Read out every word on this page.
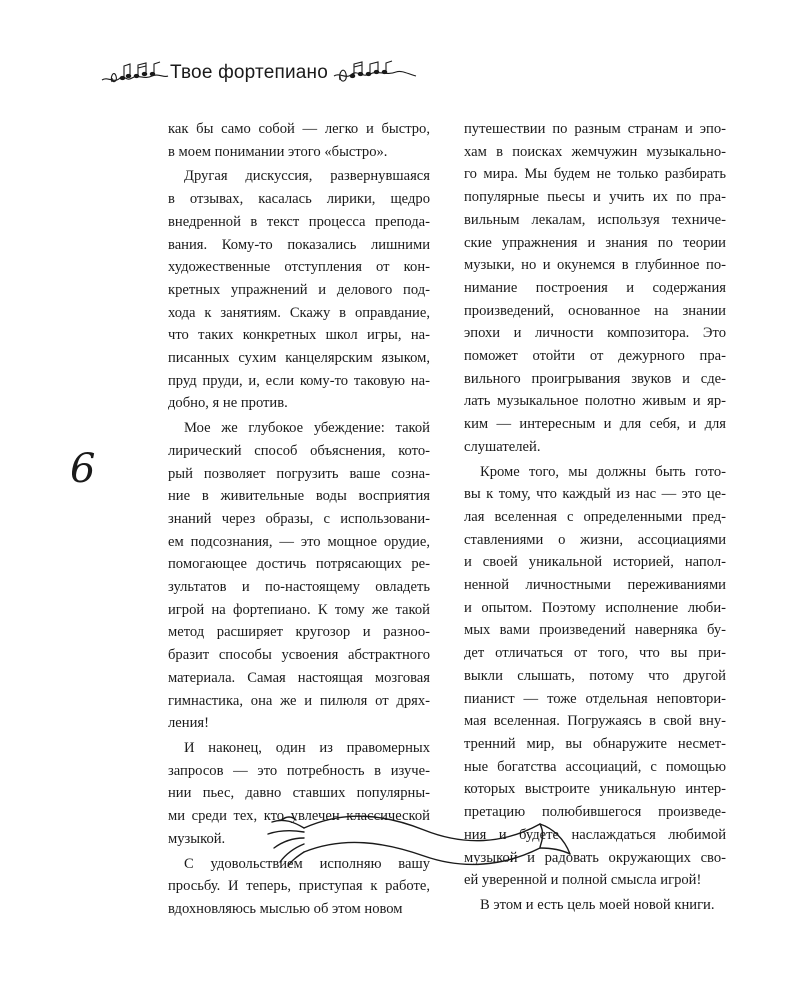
Твое фортепиано
6
как бы само собой — легко и быстро,
в моем понимании этого «быстро».
Другая дискуссия, развернувшаяся
в отзывах, касалась лирики, щедро
внедренной в текст процесса препода-
вания. Кому-то показались лишними
художественные отступления от кон-
кретных упражнений и делового под-
хода к занятиям. Скажу в оправдание,
что таких конкретных школ игры, на-
писанных сухим канцелярским языком,
пруд пруди, и, если кому-то таковую на-
добно, я не против.
Мое же глубокое убеждение: такой
лирический способ объяснения, кото-
рый позволяет погрузить ваше созна-
ние в живительные воды восприятия
знаний через образы, с использовани-
ем подсознания, — это мощное орудие,
помогающее достичь потрясающих ре-
зультатов и по-настоящему овладеть
игрой на фортепиано. К тому же такой
метод расширяет кругозор и разноо-
бразит способы усвоения абстрактного
материала. Самая настоящая мозговая
гимнастика, она же и пилюля от дрях-
ления!
И наконец, один из правомерных
запросов — это потребность в изуче-
нии пьес, давно ставших популярны-
ми среди тех, кто увлечен классической
музыкой.
С удовольствием исполняю вашу
просьбу. И теперь, приступая к работе,
вдохновляюсь мыслью об этом новом
путешествии по разным странам и эпо-
хам в поисках жемчужин музыкально-
го мира. Мы будем не только разбирать
популярные пьесы и учить их по пра-
вильным лекалам, используя техниче-
ские упражнения и знания по теории
музыки, но и окунемся в глубинное по-
нимание построения и содержания
произведений, основанное на знании
эпохи и личности композитора. Это
поможет отойти от дежурного пра-
вильного проигрывания звуков и сде-
лать музыкальное полотно живым и яр-
ким — интересным и для себя, и для
слушателей.
Кроме того, мы должны быть гото-
вы к тому, что каждый из нас — это це-
лая вселенная с определенными пред-
ставлениями о жизни, ассоциациями
и своей уникальной историей, напол-
ненной личностными переживаниями
и опытом. Поэтому исполнение люби-
мых вами произведений наверняка бу-
дет отличаться от того, что вы при-
выкли слышать, потому что другой
пианист — тоже отдельная неповтори-
мая вселенная. Погружаясь в свой вну-
тренний мир, вы обнаружите несмет-
ные богатства ассоциаций, с помощью
которых выстроите уникальную интер-
претацию полюбившегося произведе-
ния и будете наслаждаться любимой
музыкой и радовать окружающих сво-
ей уверенной и полной смысла игрой!
В этом и есть цель моей новой книги.
